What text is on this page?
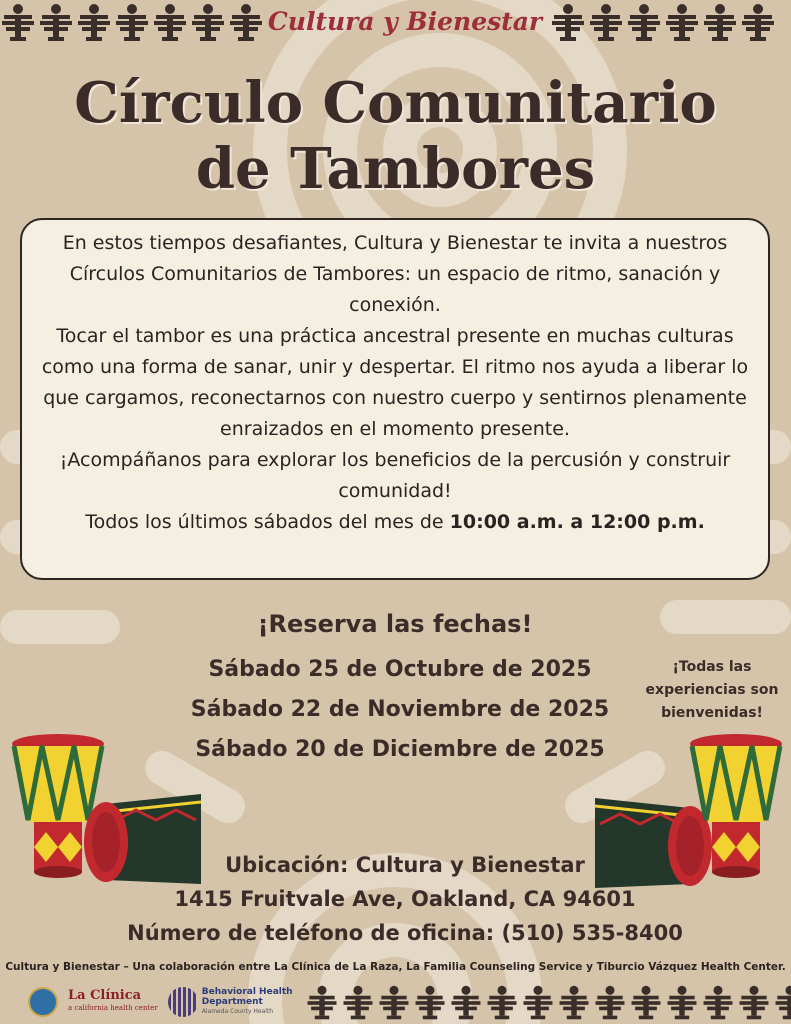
Cultura y Bienestar
Círculo Comunitario
de Tambores

En estos tiempos desafiantes, Cultura y Bienestar te invita a nuestros Círculos Comunitarios de Tambores: un espacio de ritmo, sanación y conexión.

Tocar el tambor es una práctica ancestral presente en muchas culturas como una forma de sanar, unir y despertar. El ritmo nos ayuda a liberar lo que cargamos, reconectarnos con nuestro cuerpo y sentirnos plenamente enraizados en el momento presente.

¡Acompáñanos para explorar los beneficios de la percusión y construir comunidad!

Todos los últimos sábados del mes de 10:00 a.m. a 12:00 p.m.

¡Reserva las fechas!
Sábado 25 de Octubre de 2025
Sábado 22 de Noviembre de 2025
Sábado 20 de Diciembre de 2025
¡Todas las
experiencias son
bienvenidas!
Ubicación: Cultura y Bienestar
1415 Fruitvale Ave, Oakland, CA 94601
Número de teléfono de oficina: (510) 535-8400
Cultura y Bienestar – Una colaboración entre La Clínica de La Raza, La Familia Counseling Service y Tiburcio Vázquez Health Center.
La Clínica
a california health center
Behavioral Health
Department
Alameda County Health
